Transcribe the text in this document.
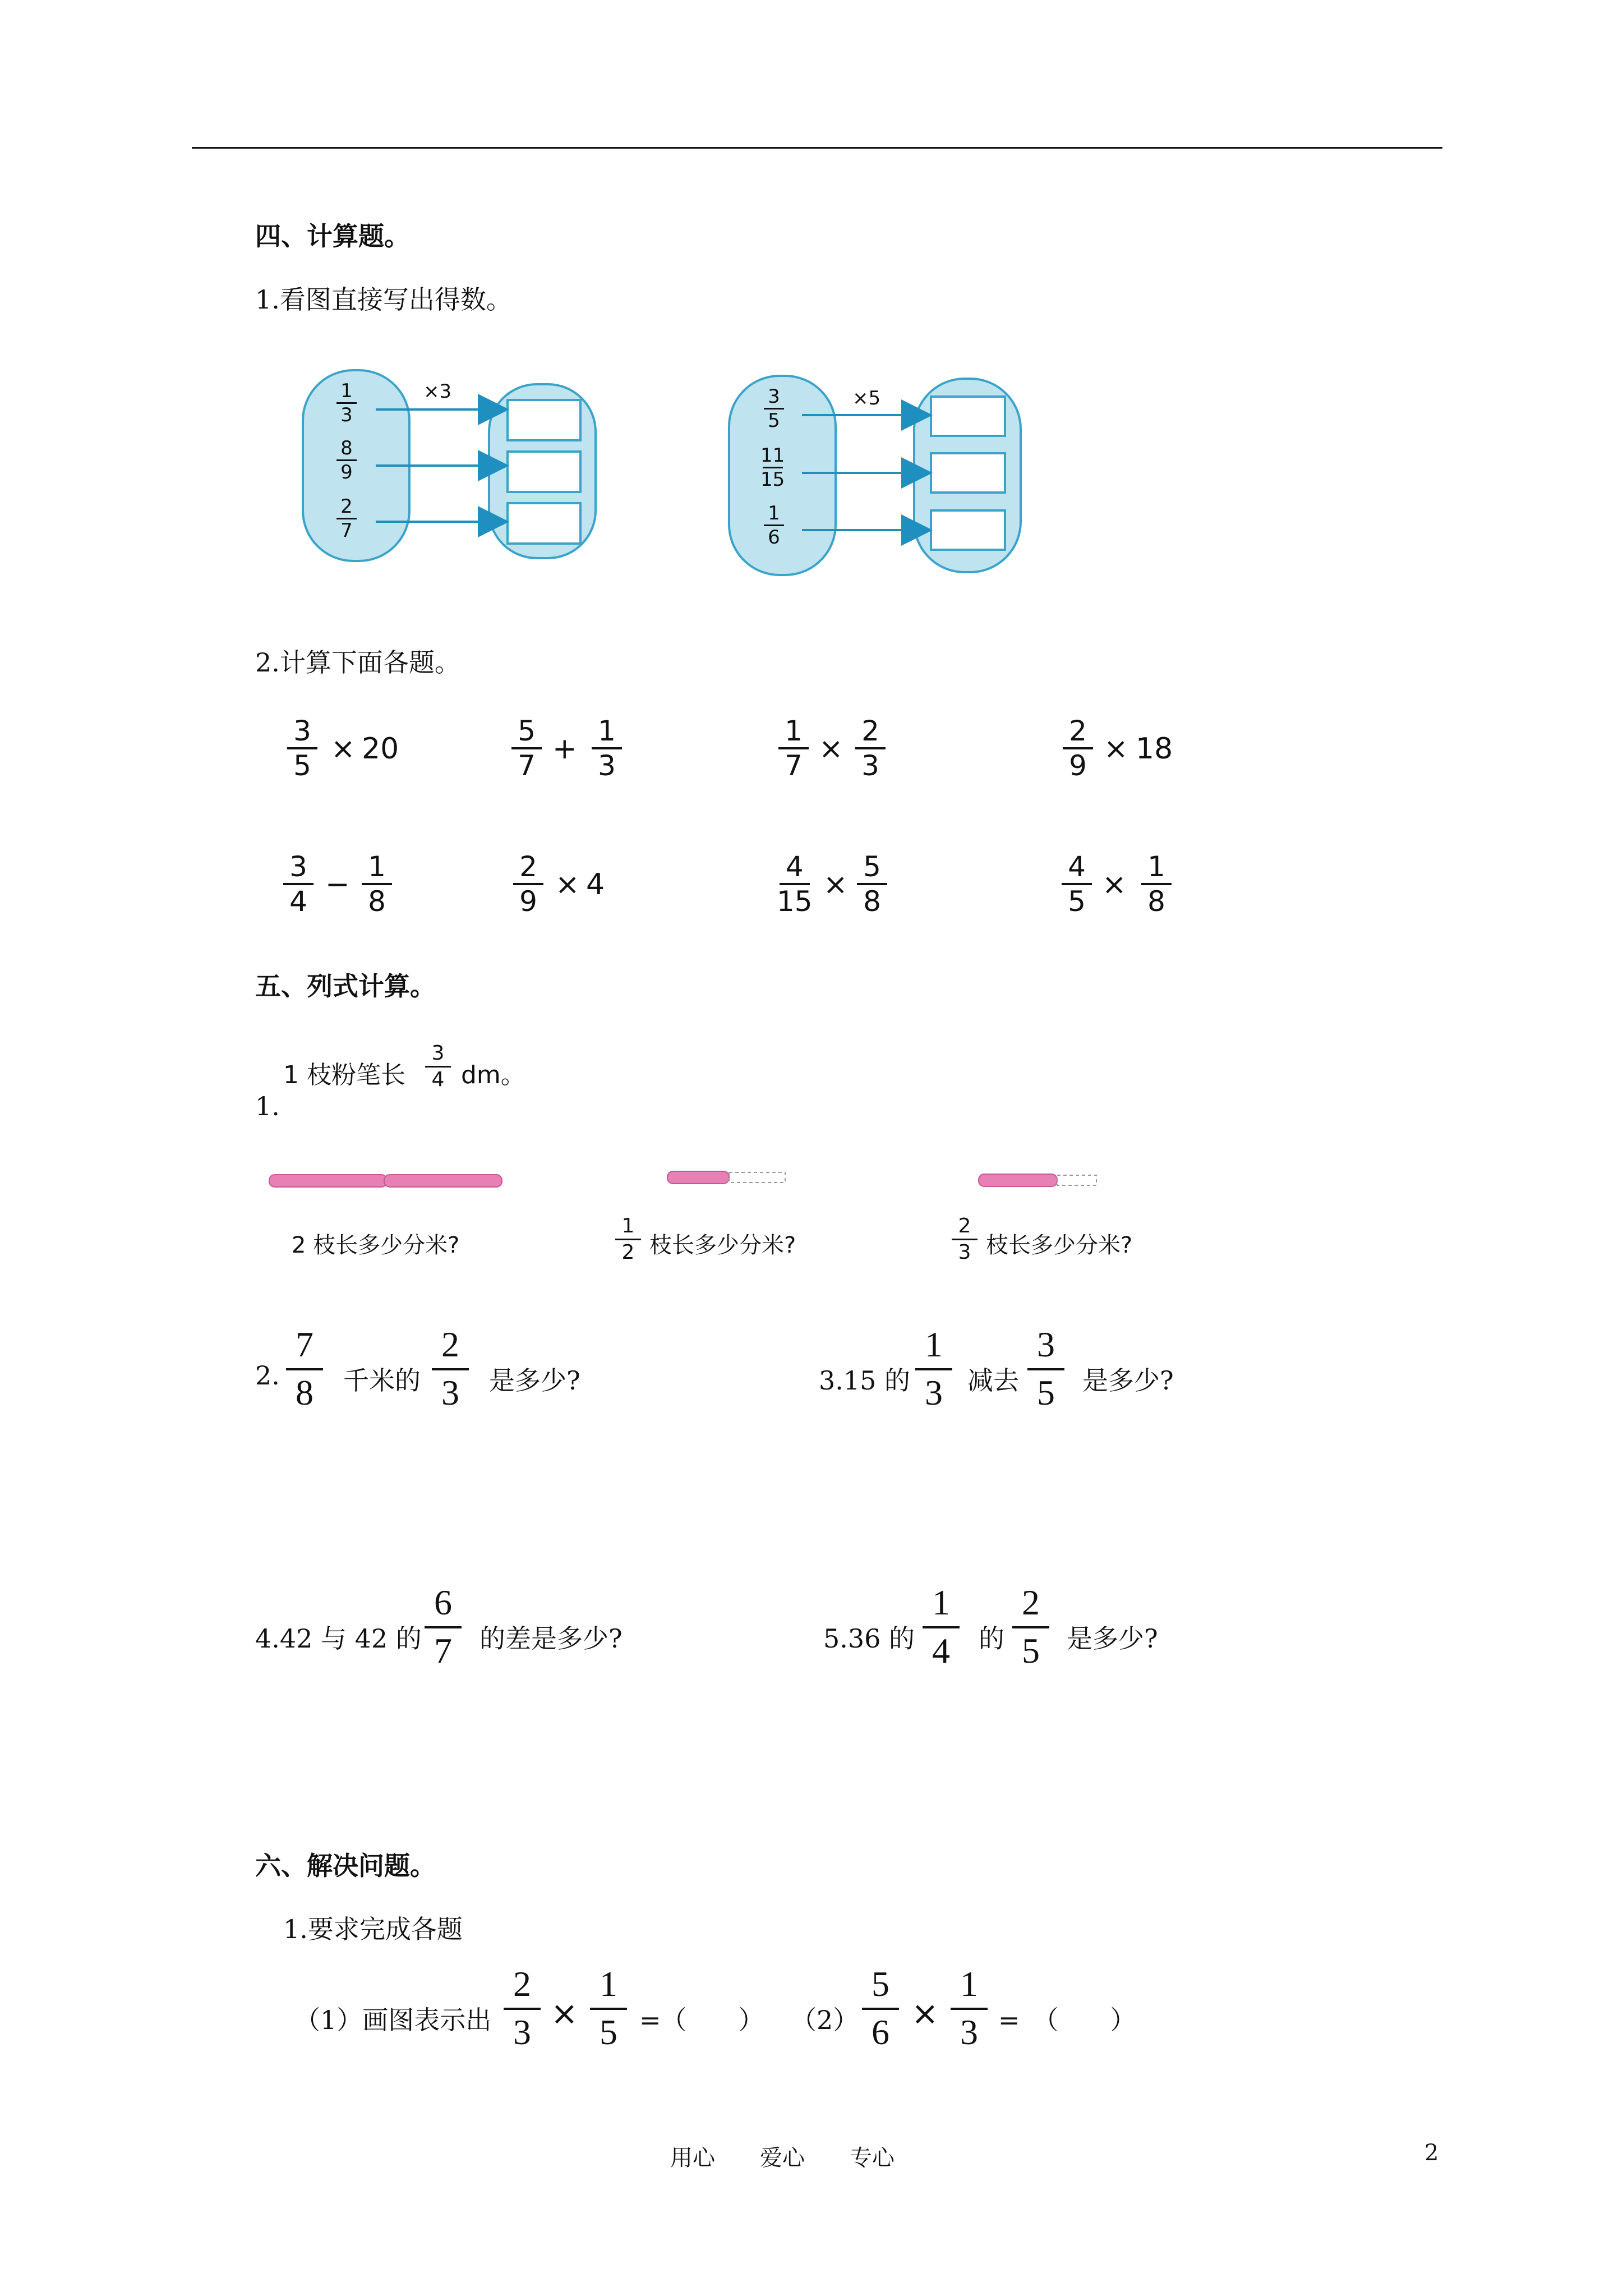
四、计算题。
1.看图直接写出得数。
×3
1
3
8
9
2
7
×5
3
5
11
15
1
6
2.计算下面各题。
3
5 × 20
5
7 +
1
3
1
7 ×
2
3
2
9 × 18
3
4 −
1
8
2
9 × 4
4
15 ×
5
8
4
5 ×
1
8
五、列式计算。
1 枝粉笔长
3
4 dm。
1.
2 枝长多少分米?
1
2 枝长多少分米?
2
3 枝长多少分米?
2.
7
8 千米的
2
3 是多少?	3.15 的
1
3 减去
3
5 是多少?
4.42 与 42 的
6
7 的差是多少?	5.36 的
1
4 的
2
5 是多少?
六、解决问题。
1.要求完成各题
（1）画图表示出
2
3 ×
1
5 =（　　） （2）
5
6 ×
1
3 =　（　　）
用心　　爱心　　专心	2
